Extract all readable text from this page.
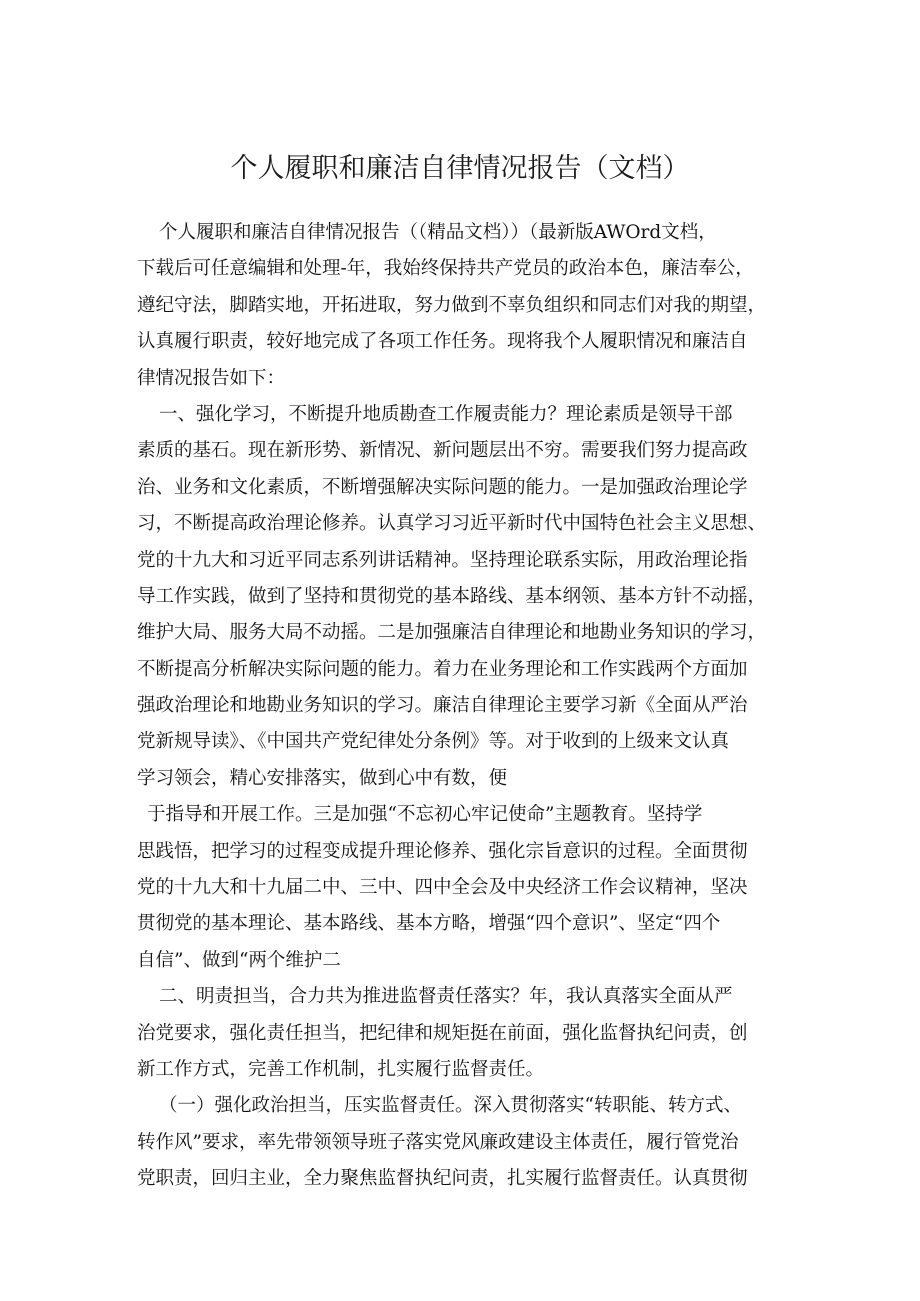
个人履职和廉洁自律情况报告（文档）
个人履职和廉洁自律情况报告（（精品文档））（最新版AWOrd文档，
下载后可任意编辑和处理-年，我始终保持共产党员的政治本色，廉洁奉公，
遵纪守法，脚踏实地，开拓进取，努力做到不辜负组织和同志们对我的期望，
认真履行职责，较好地完成了各项工作任务。现将我个人履职情况和廉洁自
律情况报告如下：
一、强化学习，不断提升地质勘查工作履责能力？理论素质是领导干部
素质的基石。现在新形势、新情况、新问题层出不穷。需要我们努力提高政
治、业务和文化素质，不断增强解决实际问题的能力。一是加强政治理论学
习，不断提高政治理论修养。认真学习习近平新时代中国特色社会主义思想、
党的十九大和习近平同志系列讲话精神。坚持理论联系实际，用政治理论指
导工作实践，做到了坚持和贯彻党的基本路线、基本纲领、基本方针不动摇，
维护大局、服务大局不动摇。二是加强廉洁自律理论和地勘业务知识的学习，
不断提高分析解决实际问题的能力。着力在业务理论和工作实践两个方面加
强政治理论和地勘业务知识的学习。廉洁自律理论主要学习新《全面从严治
党新规导读》、《中国共产党纪律处分条例》等。对于收到的上级来文认真
学习领会，精心安排落实，做到心中有数，便
于指导和开展工作。三是加强“不忘初心牢记使命”主题教育。坚持学
思践悟，把学习的过程变成提升理论修养、强化宗旨意识的过程。全面贯彻
党的十九大和十九届二中、三中、四中全会及中央经济工作会议精神，坚决
贯彻党的基本理论、基本路线、基本方略，增强“四个意识”、坚定“四个
自信”、做到“两个维护二
二、明责担当，合力共为推进监督责任落实？年，我认真落实全面从严
治党要求，强化责任担当，把纪律和规矩挺在前面，强化监督执纪问责，创
新工作方式，完善工作机制，扎实履行监督责任。
（一）强化政治担当，压实监督责任。深入贯彻落实“转职能、转方式、
转作风”要求，率先带领领导班子落实党风廉政建设主体责任，履行管党治
党职责，回归主业，全力聚焦监督执纪问责，扎实履行监督责任。认真贯彻
